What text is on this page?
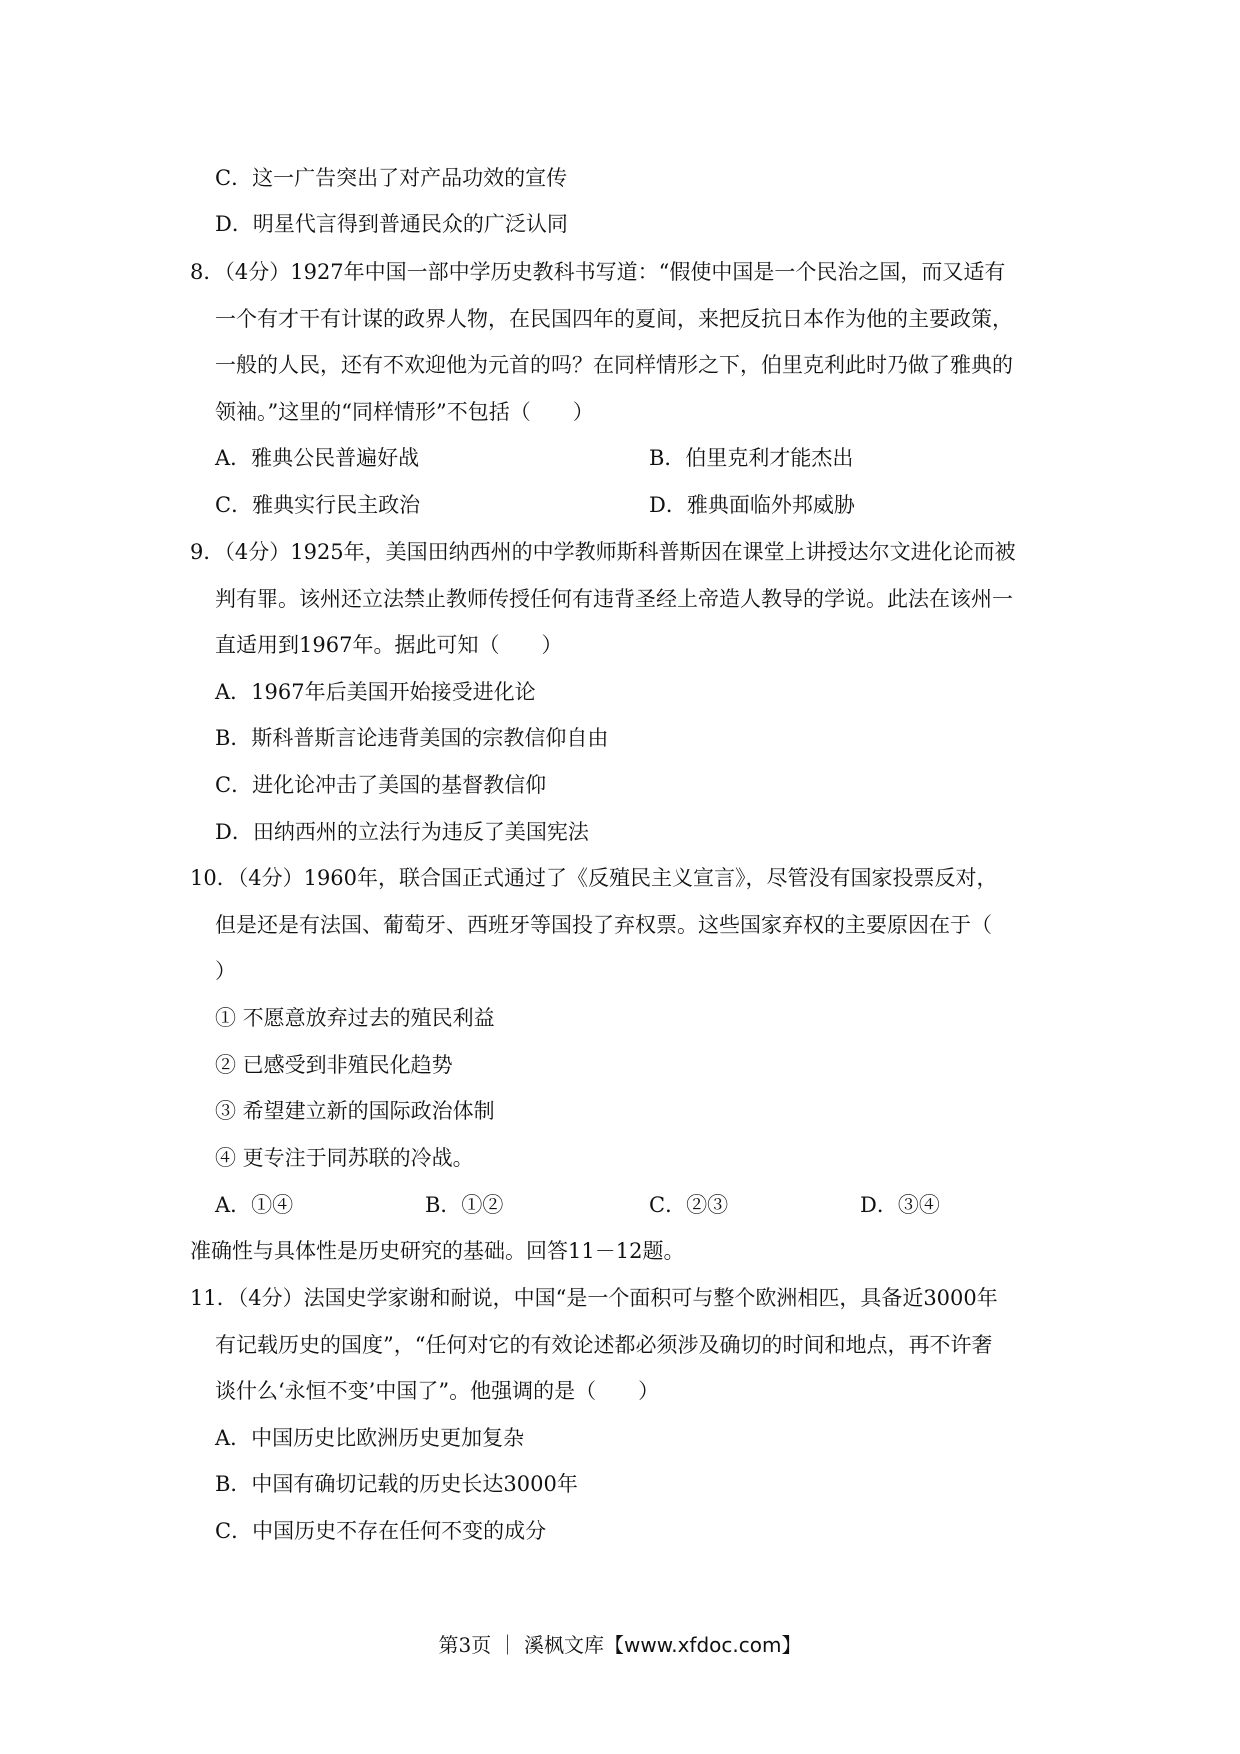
C．这一广告突出了对产品功效的宣传
D．明星代言得到普通民众的广泛认同
8．（4分）1927年中国一部中学历史教科书写道：“假使中国是一个民治之国，而又适有
一个有才干有计谋的政界人物，在民国四年的夏间，来把反抗日本作为他的主要政策，
一般的人民，还有不欢迎他为元首的吗？在同样情形之下，伯里克利此时乃做了雅典的
领袖。”这里的“同样情形”不包括（　　）
A．雅典公民普遍好战	B．伯里克利才能杰出
C．雅典实行民主政治	D．雅典面临外邦威胁
9．（4分）1925年，美国田纳西州的中学教师斯科普斯因在课堂上讲授达尔文进化论而被
判有罪。该州还立法禁止教师传授任何有违背圣经上帝造人教导的学说。此法在该州一
直适用到1967年。据此可知（　　）
A．1967年后美国开始接受进化论
B．斯科普斯言论违背美国的宗教信仰自由
C．进化论冲击了美国的基督教信仰
D．田纳西州的立法行为违反了美国宪法
10．（4分）1960年，联合国正式通过了《反殖民主义宣言》，尽管没有国家投票反对，
但是还是有法国、葡萄牙、西班牙等国投了弃权票。这些国家弃权的主要原因在于（
）
① 不愿意放弃过去的殖民利益
② 已感受到非殖民化趋势
③ 希望建立新的国际政治体制
④ 更专注于同苏联的冷战。
A．①④	B．①②	C．②③	D．③④
准确性与具体性是历史研究的基础。回答11－12题。
11．（4分）法国史学家谢和耐说，中国“是一个面积可与整个欧洲相匹，具备近3000年
有记载历史的国度”，“任何对它的有效论述都必须涉及确切的时间和地点，再不许奢
谈什么‘永恒不变’中国了”。他强调的是（　　）
A．中国历史比欧洲历史更加复杂
B．中国有确切记载的历史长达3000年
C．中国历史不存在任何不变的成分
第3页 ｜ 溪枫文库【www.xfdoc.com】
